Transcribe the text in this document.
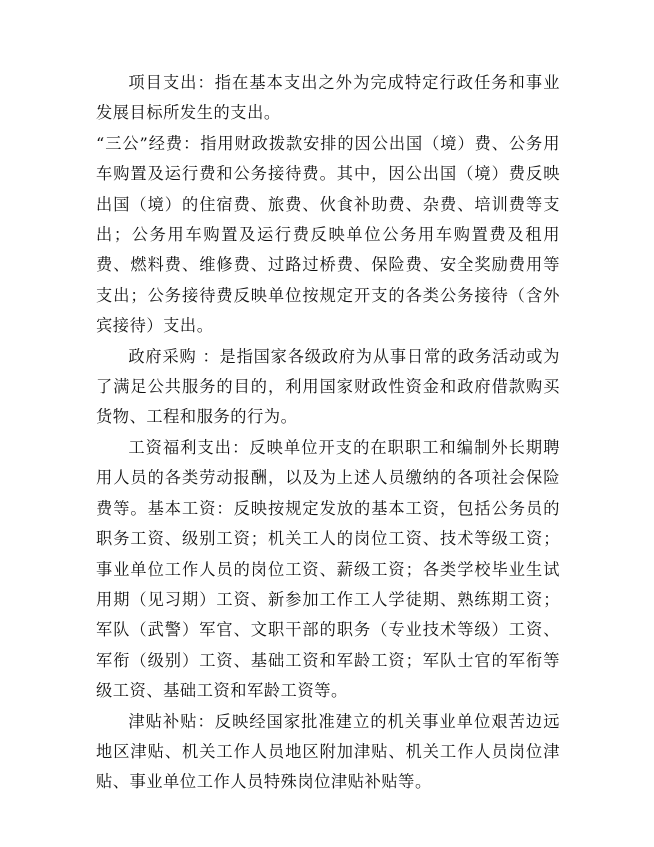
项目支出：指在基本支出之外为完成特定行政任务和事业发展目标所发生的支出。

“三公”经费：指用财政拨款安排的因公出国（境）费、公务用车购置及运行费和公务接待费。其中，因公出国（境）费反映出国（境）的住宿费、旅费、伙食补助费、杂费、培训费等支出；公务用车购置及运行费反映单位公务用车购置费及租用费、燃料费、维修费、过路过桥费、保险费、安全奖励费用等支出；公务接待费反映单位按规定开支的各类公务接待（含外宾接待）支出。

政府采购 ：是指国家各级政府为从事日常的政务活动或为了满足公共服务的目的，利用国家财政性资金和政府借款购买货物、工程和服务的行为。

工资福利支出：反映单位开支的在职职工和编制外长期聘用人员的各类劳动报酬，以及为上述人员缴纳的各项社会保险费等。基本工资：反映按规定发放的基本工资，包括公务员的职务工资、级别工资；机关工人的岗位工资、技术等级工资；事业单位工作人员的岗位工资、薪级工资；各类学校毕业生试用期（见习期）工资、新参加工作工人学徒期、熟练期工资；军队（武警）军官、文职干部的职务（专业技术等级）工资、军衔（级别）工资、基础工资和军龄工资；军队士官的军衔等级工资、基础工资和军龄工资等。

津贴补贴：反映经国家批准建立的机关事业单位艰苦边远地区津贴、机关工作人员地区附加津贴、机关工作人员岗位津贴、事业单位工作人员特殊岗位津贴补贴等。
